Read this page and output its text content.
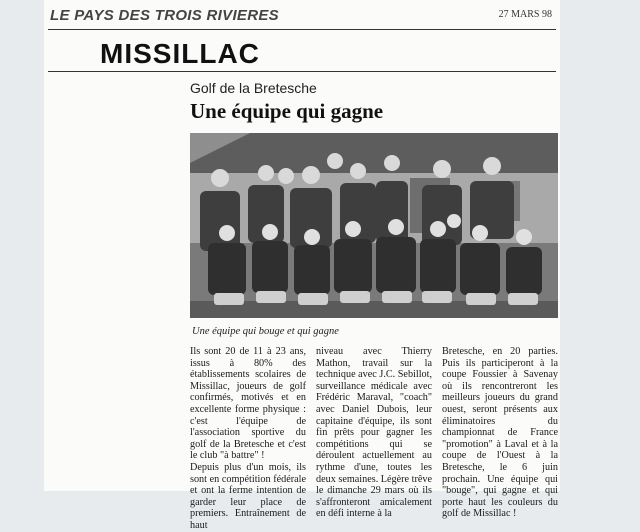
LE PAYS DES TROIS RIVIERES	27 MARS 98
MISSILLAC
Golf de la Bretesche
Une équipe qui gagne
Une équipe qui bouge et qui gagne
Ils sont 20 de 11 à 23 ans, issus à 80% des établissements scolaires de Missillac, joueurs de golf confirmés, motivés et en excellente forme physique : c'est l'équipe de l'association sportive du golf de la Bretesche et c'est le club "à battre" !
Depuis plus d'un mois, ils sont en compétition fédérale et ont la ferme intention de garder leur place de premiers. Entraînement de haut
niveau avec Thierry Mathon, travail sur la technique avec J.C. Sebillot, surveillance médicale avec Frédéric Maraval, "coach" avec Daniel Dubois, leur capitaine d'équipe, ils sont fin prêts pour gagner les compétitions qui se déroulent actuellement au rythme d'une, toutes les deux semaines. Légère trêve le dimanche 29 mars où ils s'affronteront amicalement en défi interne à la
Bretesche, en 20 parties. Puis ils participeront à la coupe Foussier à Savenay où ils rencontreront les meilleurs joueurs du grand ouest, seront présents aux éliminatoires du championnat de France "promotion" à Laval et à la coupe de l'Ouest à la Bretesche, le 6 juin prochain. Une équipe qui "bouge", qui gagne et qui porte haut les couleurs du golf de Missillac !
